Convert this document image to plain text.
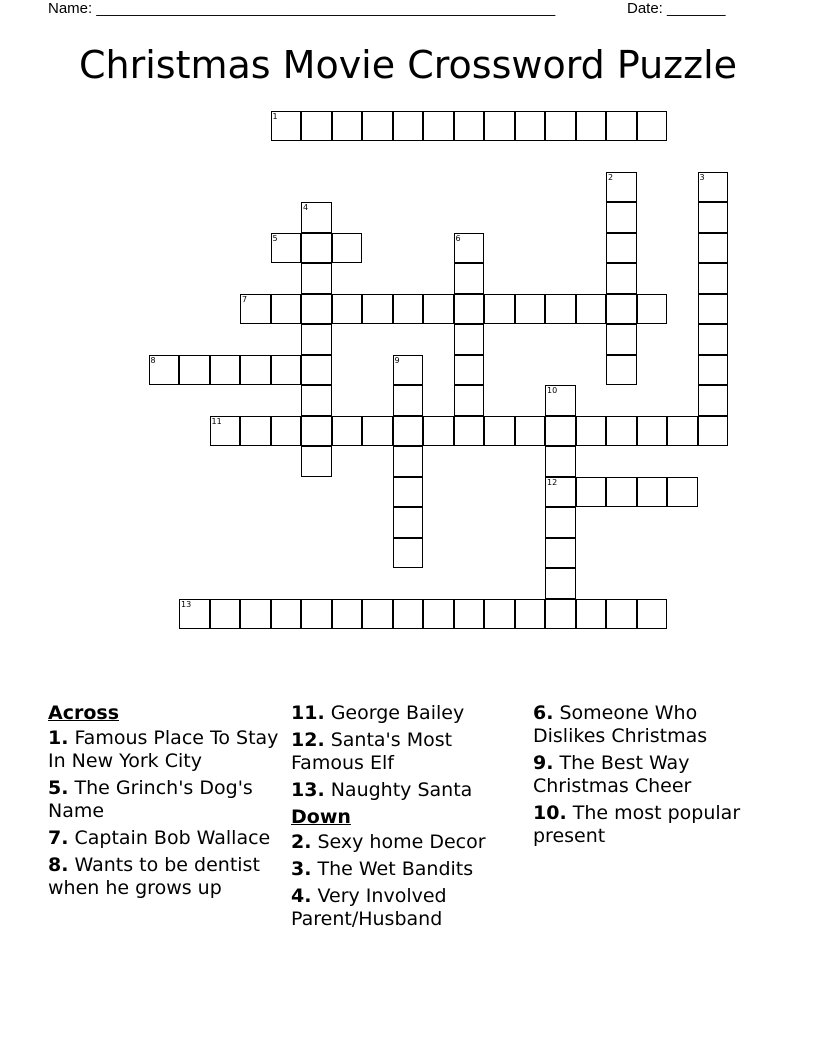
Name: _______________________________________________________	Date: _______
Christmas Movie Crossword Puzzle
1
2	3
4
5	6
7
8	9
10
11
12
13
Across
1. Famous Place To Stay In New York City
5. The Grinch's Dog's Name
7. Captain Bob Wallace
8. Wants to be dentist when he grows up
11. George Bailey
12. Santa's Most Famous Elf
13. Naughty Santa
Down
2. Sexy home Decor
3. The Wet Bandits
4. Very Involved Parent/Husband
6. Someone Who Dislikes Christmas
9. The Best Way Christmas Cheer
10. The most popular present
